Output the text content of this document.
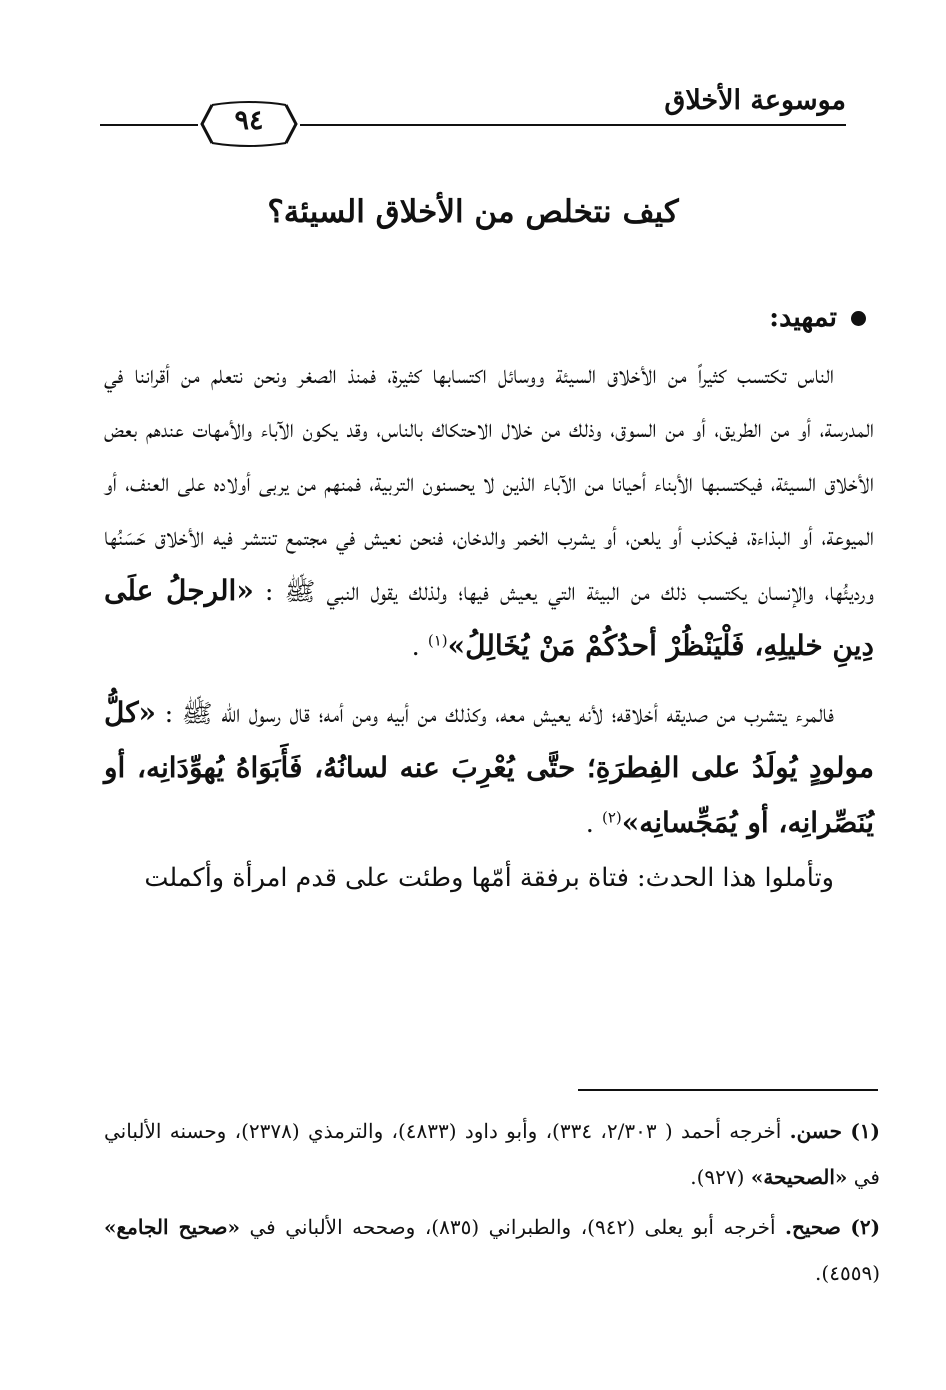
موسوعة الأخلاق
٩٤
كيف نتخلص من الأخلاق السيئة؟
تمهيد:

الناس تكتسب كثيراً من الأخلاق السيئة ووسائل اكتسابها كثيرة، فمنذ الصغر ونحن نتعلم من أقراننا في المدرسة، أو من الطريق، أو من السوق، وذلك من خلال الاحتكاك بالناس، وقد يكون الآباء والأمهات عندهم بعض الأخلاق السيئة، فيكتسبها الأبناء أحيانا من الآباء الذين لا يحسنون التربية، فمنهم من يربى أولاده على العنف، أو الميوعة، أو البذاءة، فيكذب أو يلعن، أو يشرب الخمر والدخان، فنحن نعيش في مجتمع تنتشر فيه الأخلاق حَسَنُها ورديئُها، والإنسان يكتسب ذلك من البيئة التي يعيش فيها؛ ولذلك يقول النبي ﷺ : «الرجلُ علَى دِينِ خليلِهِ، فَلْيَنْظُرْ أحدُكُمْ مَنْ يُخَالِلُ»$^{(١)}$ .

فالمرء يتشرب من صديقه أخلاقه؛ لأنه يعيش معه، وكذلك من أبيه ومن أمه؛ قال رسول اللّه ﷺ : «كلُّ مولودٍ يُولَدُ على الفِطرَةِ؛ حتَّى يُعْرِبَ عنه لسانُهُ، فَأَبَوَاهُ يُهوِّدَانِه، أو يُنَصِّرانِه، أو يُمَجِّسانِه»$^{(٢)}$ .

وتأملوا هذا الحدث: فتاة برفقة أمّها وطئت على قدم امرأة وأكملت

(١) حسن. أخرجه أحمد ( ٢/٣٠٣، ٣٣٤)، وأبو داود (٤٨٣٣)، والترمذي (٢٣٧٨)، وحسنه الألباني في «الصحيحة» (٩٢٧).

(٢) صحيح. أخرجه أبو يعلى (٩٤٢)، والطبراني (٨٣٥)، وصححه الألباني في «صحيح الجامع» (٤٥٥٩).
